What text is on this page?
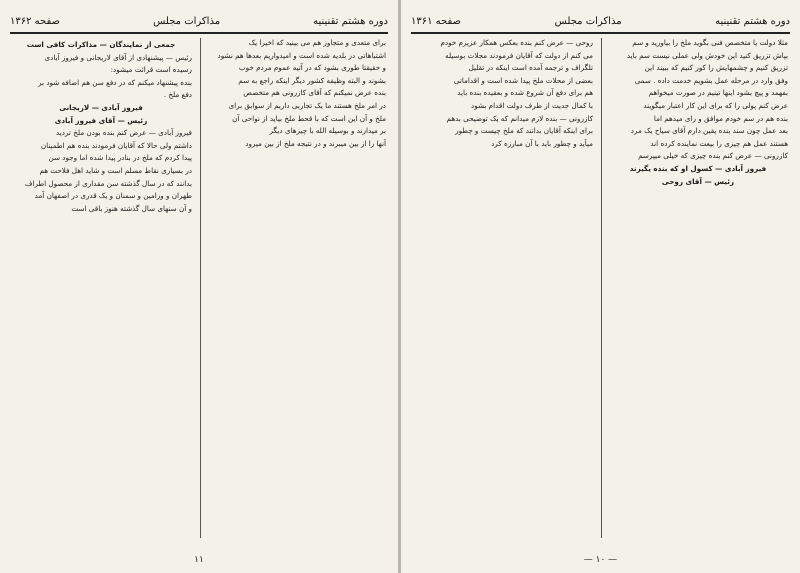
دوره هشتم تقنینیه
مذاکرات مجلس
صفحه ۱۳۶۲

برای متعدی و متجاوز هم می بینید که اخیرا یک

اشتباهاتی در بلدیه شده است و امیدواریم بعدها هم نشود

و حقیقتا طوری بشود که در آتیه عموم مردم خوب

بشوند و البته وظیفه کشور دیگر اینکه راجع به سم

بنده عرض نمیکنم که آقای کازرونی هم متخصص

در امر ملخ هستند ما یک تجاربی داریم از سوابق برای

ملخ و آن این است که با قحط ملخ بیاید از نواحی آن

بر میدارند و بوسیله الله با چیزهای دیگر

آنها را از بین میبرند و در نتیجه ملخ از بین میرود

جمعی از نمایندگان — مذاکرات کافی است

رئیس — پیشنهادی از آقای لاریجانی و فیروز آبادی

رسیده است قرائت میشود:

بنده پیشنهاد میکنم که در دفع سن هم اضافه شود بر

دفع ملخ .

فیروز آبادی — لاریجانی

رئیس — آقای فیروز آبادی

فیروز آبادی — عرض کنم بنده بودن ملخ تردید

داشتم ولی حالا که آقایان فرمودند بنده هم اطمینان

پیدا کردم که ملخ در بنادر پیدا شده اما وجود سن

در بسیاری نقاط مسلم است و شاید اهل فلاحت هم

بدانند که در سال گذشته سن مقداری از محصول اطراف

طهران و ورامین و سمنان و یک قدری در اصفهان آمد

و آن سنهای سال گذشته هنوز باقی است

۱۱
دوره هشتم تقنینیه
مذاکرات مجلس
صفحه ۱۳۶۱

مثلا دولت یا متخصص فنی بگوید ملخ را بیاورید و سم

بپاش تزریق کنید این خودش ولی عملی نیست سم باید

تزریق کنیم و چشمهایش را کور کنیم که ببیند این

وفق وارد در مرحله عمل بشویم خدمت داده . سمی

بفهمد و پیچ بشود اینها تینیم در صورت میخواهم

عرض کنم پولی را که برای این کار اعتبار میگویند

بنده هم در سم خودم موافق و رای میدهم اما

بعد عمل چون سند بنده یقین دارم آقای سیاح یک مرد

هستند عمل هم چیزی را بیعت نماینده کرده اند

کازرونی — عرض کنم بنده چیزی که خیلی میپرسم

فیروز آبادی — کسول او که بنده یگیرند

رئیس — آقای روحی

روحی — عرض کنم بنده بعکس همکار عزیزم خودم

می کنم از دولت که آقایان فرمودند مجلات بوسیله

تلگراف و ترجمه آمده است اینکه در تقلیل

بعضی از محلات ملخ پیدا شده است و اقداماتی

هم برای دفع آن شروع شده و بعقیده بنده باید

با کمال جدیت از طرف دولت اقدام بشود

کازرونی — بنده لازم میدانم که یک توضیحی بدهم

برای اینکه آقایان بدانند که ملخ چیست و چطور

میآید و چطور باید با آن مبارزه کرد

— ۱۰ —
